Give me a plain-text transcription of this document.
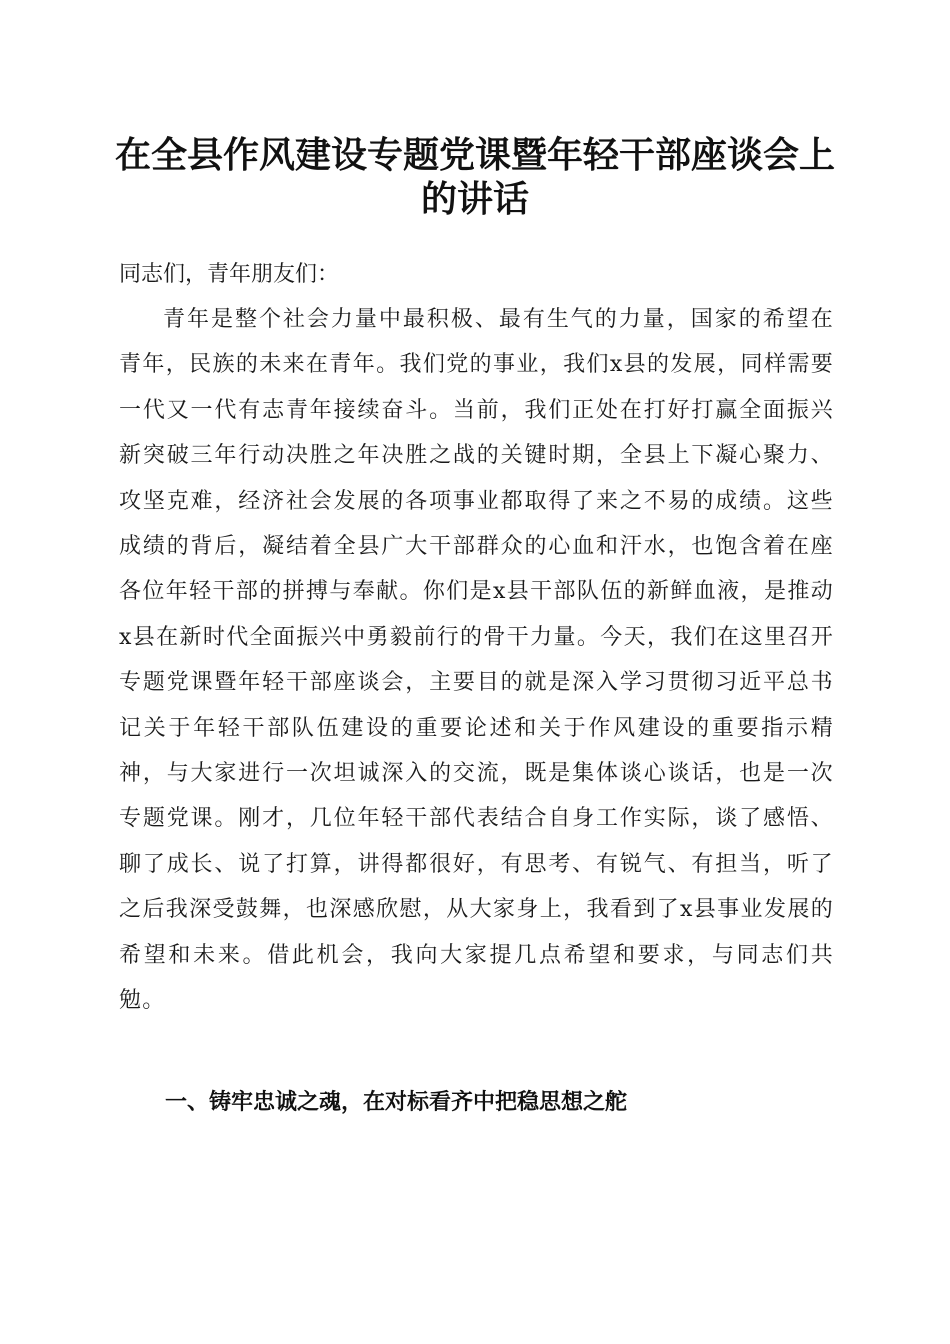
在全县作风建设专题党课暨年轻干部座谈会上的讲话

同志们，青年朋友们：

青年是整个社会力量中最积极、最有生气的力量，国家的希望在青年，民族的未来在青年。我们党的事业，我们x县的发展，同样需要一代又一代有志青年接续奋斗。当前，我们正处在打好打赢全面振兴新突破三年行动决胜之年决胜之战的关键时期，全县上下凝心聚力、攻坚克难，经济社会发展的各项事业都取得了来之不易的成绩。这些成绩的背后，凝结着全县广大干部群众的心血和汗水，也饱含着在座各位年轻干部的拼搏与奉献。你们是x县干部队伍的新鲜血液，是推动x县在新时代全面振兴中勇毅前行的骨干力量。今天，我们在这里召开专题党课暨年轻干部座谈会，主要目的就是深入学习贯彻习近平总书记关于年轻干部队伍建设的重要论述和关于作风建设的重要指示精神，与大家进行一次坦诚深入的交流，既是集体谈心谈话，也是一次专题党课。刚才，几位年轻干部代表结合自身工作实际，谈了感悟、聊了成长、说了打算，讲得都很好，有思考、有锐气、有担当，听了之后我深受鼓舞，也深感欣慰，从大家身上，我看到了x县事业发展的希望和未来。借此机会，我向大家提几点希望和要求，与同志们共勉。

一、铸牢忠诚之魂，在对标看齐中把稳思想之舵
